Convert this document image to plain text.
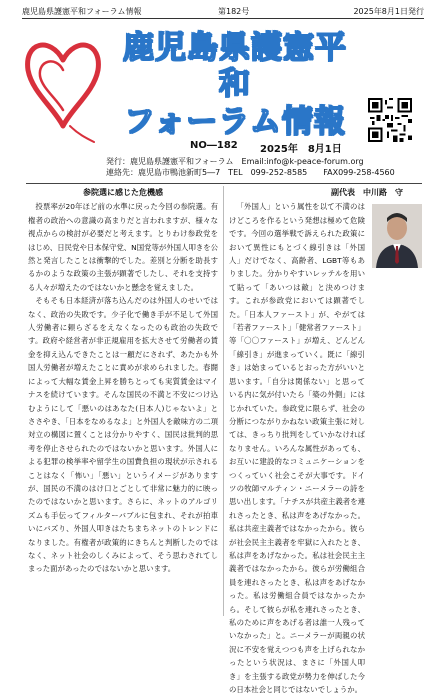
鹿児島県護憲平和フォーラム情報	第182号	2025年8月1日発行
鹿児島県護憲平和
フォーラム情報
NO―182 2025年　8月1日
発行：鹿児島県護憲平和フォーラム　Email:info@k-peace-forum.org
連絡先：鹿児島市鴨池新町5―7　TEL　099-252-8585　　FAX099-258-4560
参院選に感じた危機感

投票率が20年ほど前の水準に戻った今回の参院選。有権者の政治への意識の高まりだと言われますが、様々な視点からの検討が必要だと考えます。とりわけ参政党をはじめ、日民党や日本保守党、N国党等が外国人叩きを公然と発言したことは衝撃的でした。差別と分断を助長するかのような政策の主張が顕著でしたし、それを支持する人々が増えたのではないかと懸念を覚えました。

そもそも日本経済が落ち込んだのは外国人のせいではなく、政治の失敗です。少子化で働き手が不足して外国人労働者に頼らざるをえなくなったのも政治の失政です。政府や経営者が非正規雇用を拡大させて労働者の賃金を抑え込んできたことは一顧だにされず、あたかも外国人労働者が増えたことに責めが求められました。春闘によって大幅な賃金上昇を勝ちとっても実質賃金はマイナスを続けています。そんな国民の不満と不安につけ込むようにして「悪いのはあなた(日本人)じゃないよ」とささやき、「日本をなめるなよ」と外国人を敵味方の二項対立の構図に置くことは分かりやすく、国民は批判的思考を停止させられたのではないかと思います。外国人による犯罪の検挙率や留学生の国費負担の現状が示されることはなく「怖い」「悪い」というイメージがありますが、国民の不満のはけ口とごとして非常に魅力的に映ったのではないかと思います。さらに、ネットのアルゴリズムも手伝ってフィルターバブルに包まれ、それが拍車いにバズり、外国人叩きはたちまちネットのトレンドになりました。有権者が政策的にきちんと判断したのではなく、ネット社会のしくみによって、そう思わされてしまった面があったのではないかと思います。

副代表　中川路　守

「外国人」という属性を以て不満のはけどころを作るという発想は極めて危険です。今回の選挙戦で訴えられた政策において異性にもとづく線引きは「外国人」だけでなく、高齢者、LGBT等もありました。分かりやすいレッテルを用いて貼って「あいつは敵」と決めつけます。これが参政党においては顕著でした。「日本人ファースト」が、やがては「若者ファースト」「健常者ファースト」等「〇〇ファースト」が増え、どんどん「線引き」が進まっていく。既に「線引き」は始まっているとおった方がいいと思います。「自分は関係ない」と思っている内に気が付いたら「築の外側」にはじかれていた。参政党に限らず、社会の分断につながりかねない政策主張に対しては、きっちり批判をしていかなければなりません。いろんな属性があっても、お互いに建設的なコミュニケーションをつくっていく社会こそが大事です。ドイツの牧師マルティン・ニーメラーの詩を思い出します。「ナチスが共産主義者を連れさったとき、私は声をあげなかった。私は共産主義者ではなかったから。彼らが社会民主主義者を牢獄に入れたとき、私は声をあげなかった。私は社会民主主義者ではなかったから。彼らが労働組合員を連れさったとき、私は声をあげなかった。私は労働組合員ではなかったから。そして彼らが私を連れさったとき、私のために声をあげる者は誰一人残っていなかった」と。ニーメラーが両親の状況に不安を覚えつつも声を上げられなかったという状況は、まさに「外国人叩き」を主張する政党が勢力を伸ばした今の日本社会と同じではないでしょうか。
